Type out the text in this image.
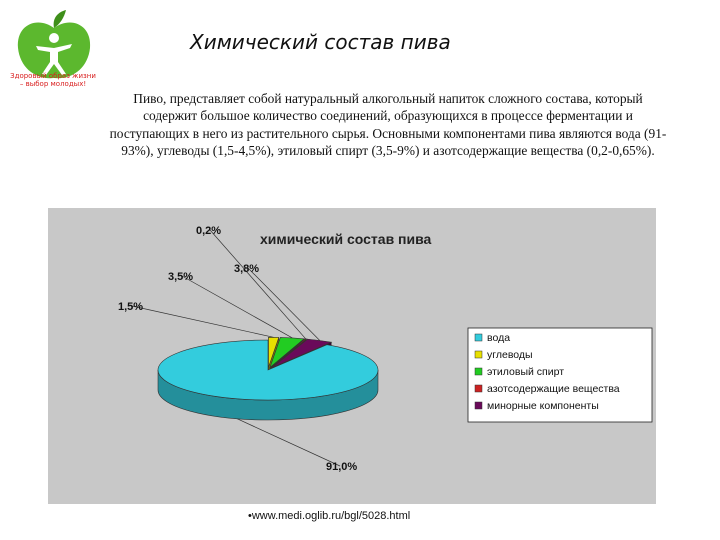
Здоровый образ жизни
– выбор молодых!
Химический состав пива
Пиво, представляет собой натуральный алкогольный напиток сложного состава, который содержит большое количество соединений, образующихся в процессе ферментации и поступающих в него из растительного сырья. Основными компонентами пива являются вода (91-93%), углеводы (1,5-4,5%), этиловый спирт (3,5-9%) и азотсодержащие вещества (0,2-0,65%).
химический состав пива
91,0%
1,5%
3,5%
0,2%
3,8%
вода
углеводы
этиловый спирт
азотсодержащие вещества
минорные компоненты
•www.medi.oglib.ru/bgl/5028.html
